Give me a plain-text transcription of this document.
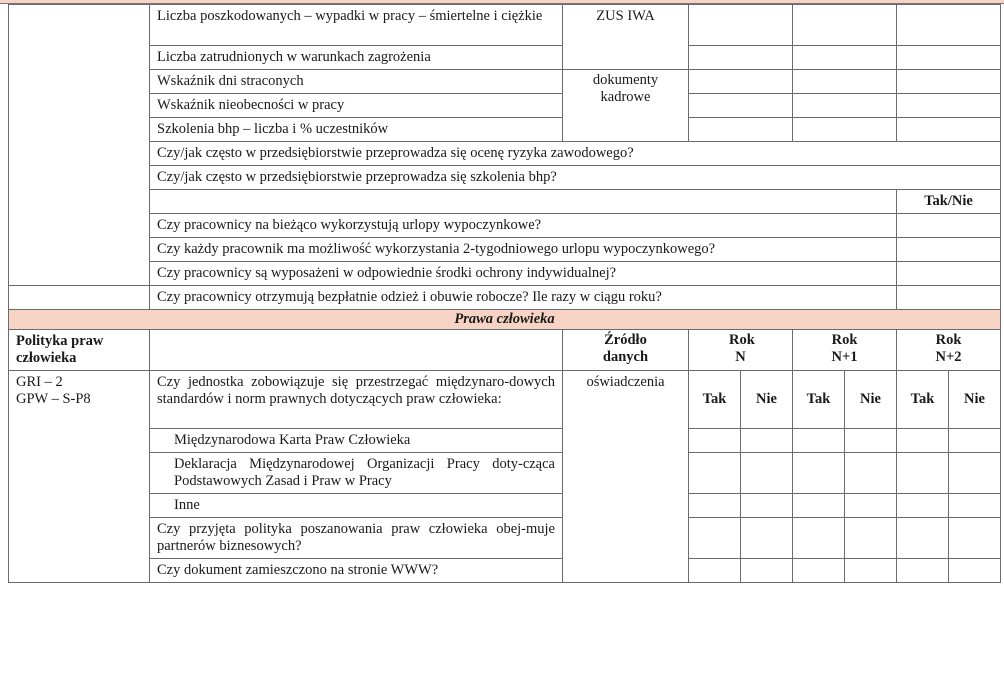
	Liczba poszkodowanych – wypadki w pracy – śmiertelne i ciężkie	ZUS IWA						
	Liczba zatrudnionych w warunkach zagrożenia							
	Wskaźnik dni straconych	dokumenty kadrowe						
	Wskaźnik nieobecności w pracy							
	Szkolenia bhp – liczba i % uczestników							
	Czy/jak często w przedsiębiorstwie przeprowadza się ocenę ryzyka zawodowego?							
	Czy/jak często w przedsiębiorstwie przeprowadza się szkolenia bhp?							
							Tak/Nie	
	Czy pracownicy na bieżąco wykorzystują urlopy wypoczynkowe?							
	Czy każdy pracownik ma możliwość wykorzystania 2-tygodniowego urlopu wypoczynkowego?							
	Czy pracownicy są wyposażeni w odpowiednie środki ochrony indywidualnej?							
	Czy pracownicy otrzymują bezpłatnie odzież i obuwie robocze? Ile razy w ciągu roku?							
Prawa człowieka								
Polityka praw człowieka		Źródło danych	Rok N		Rok N+1		Rok N+2	
GRI – 2
GPW – S-P8	Czy jednostka zobowiązuje się przestrzegać międzynaro-dowych standardów i norm prawnych dotyczących praw człowieka:	oświadczenia	Tak	Nie	Tak	Nie	Tak	Nie
	Międzynarodowa Karta Praw Człowieka							
	Deklaracja Międzynarodowej Organizacji Pracy doty-cząca Podstawowych Zasad i Praw w Pracy							
	Inne							
	Czy przyjęta polityka poszanowania praw człowieka obej-muje partnerów biznesowych?							
	Czy dokument zamieszczono na stronie WWW?							
